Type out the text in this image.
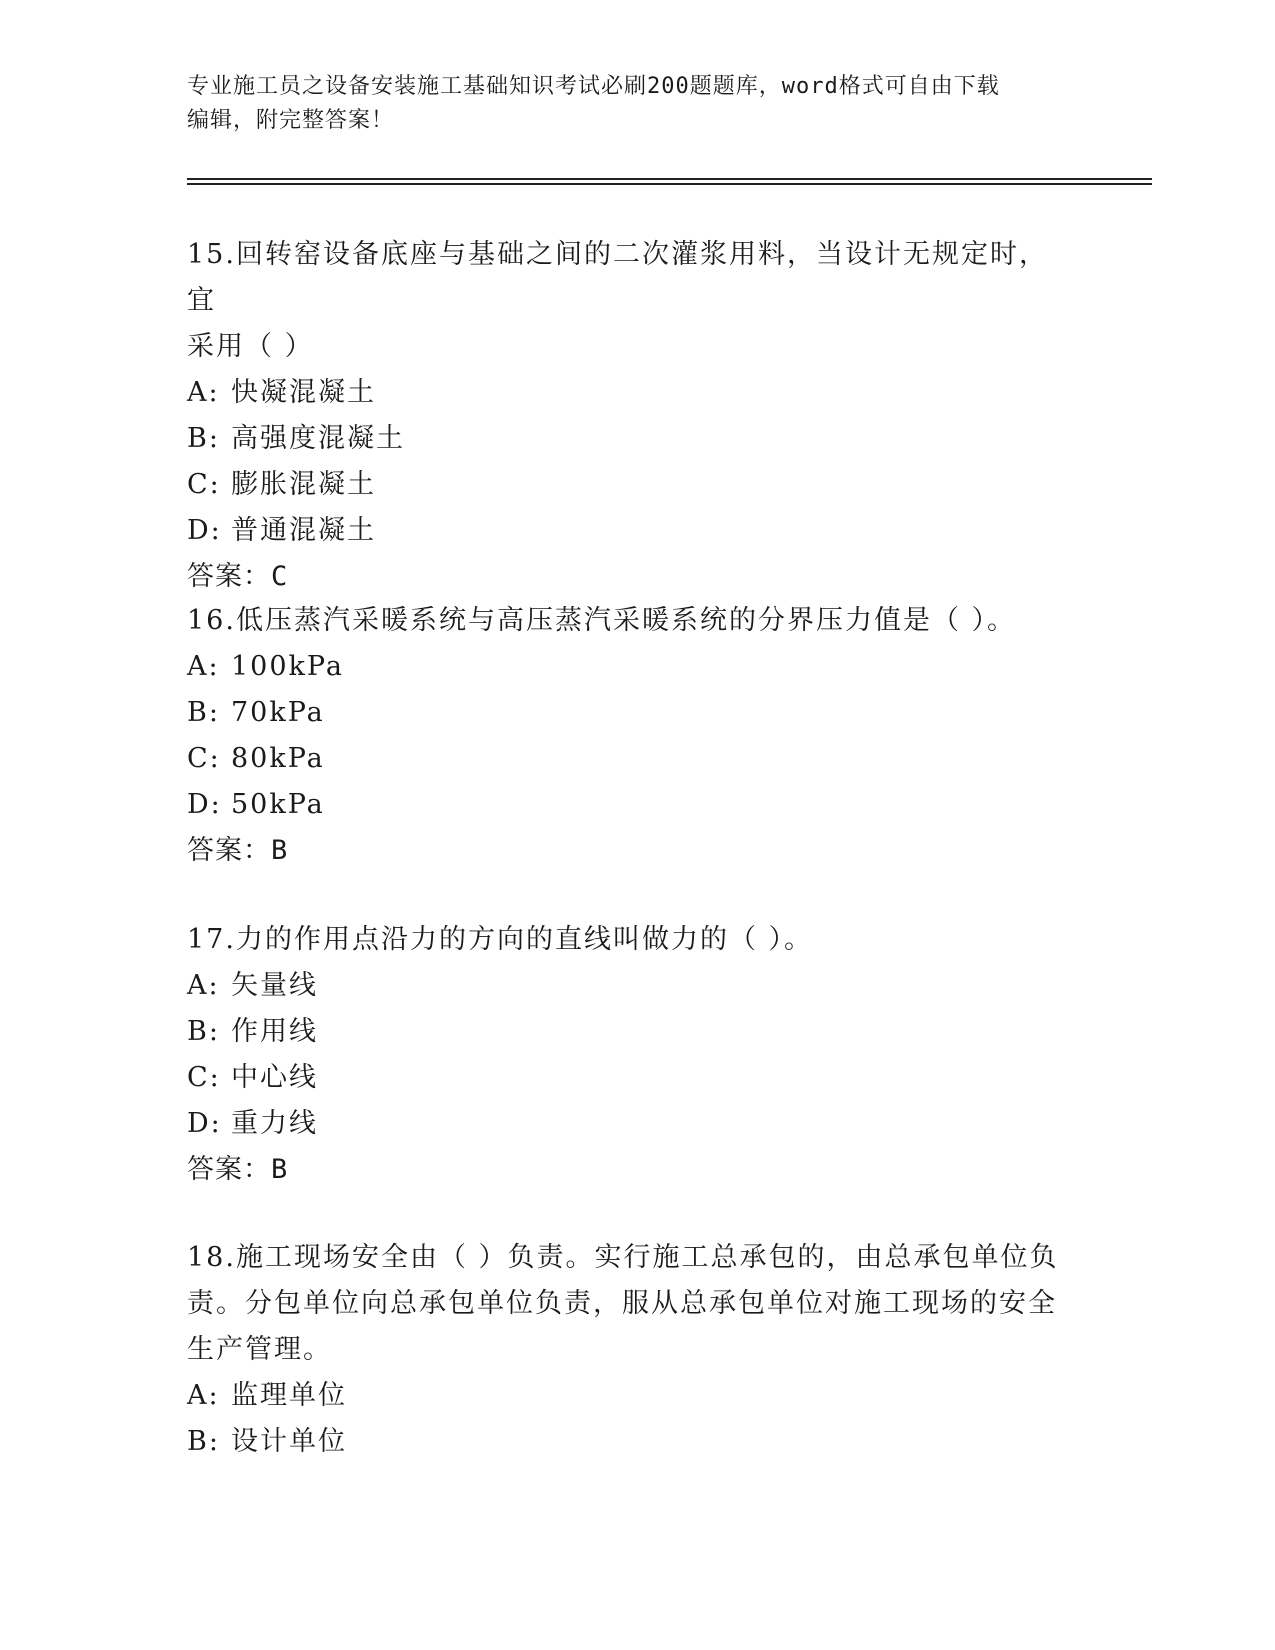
专业施工员之设备安装施工基础知识考试必刷200题题库，word格式可自由下载
编辑，附完整答案！

15.回转窑设备底座与基础之间的二次灌浆用料，当设计无规定时，宜

采用（ ）

A: 快凝混凝土

B: 高强度混凝土

C: 膨胀混凝土

D: 普通混凝土

答案：C

16.低压蒸汽采暖系统与高压蒸汽采暖系统的分界压力值是（ ）。

A: 100kPa

B: 70kPa

C: 80kPa

D: 50kPa

答案：B

17.力的作用点沿力的方向的直线叫做力的（ ）。

A: 矢量线

B: 作用线

C: 中心线

D: 重力线

答案：B

18.施工现场安全由（ ）负责。实行施工总承包的，由总承包单位负

责。分包单位向总承包单位负责，服从总承包单位对施工现场的安全

生产管理。

A: 监理单位

B: 设计单位
